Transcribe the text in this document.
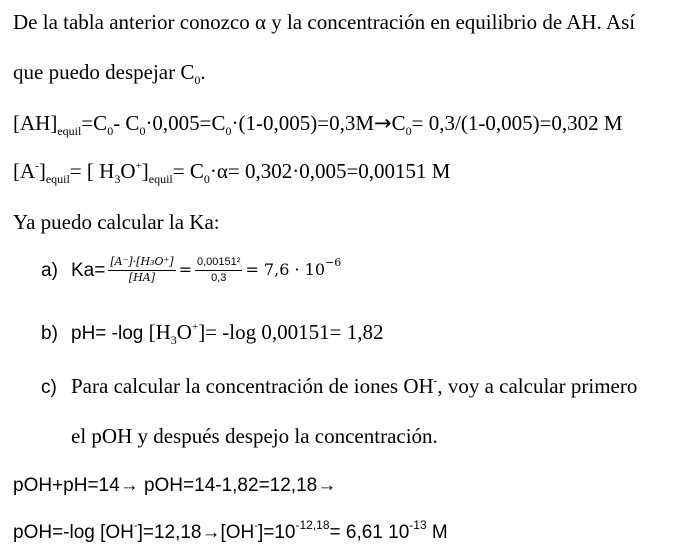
De la tabla anterior conozco α y la concentración en equilibrio de AH. Así
que puedo despejar $C_0$.
$[AH]_{equil}=C_0-$ $C_0\cdot 0,005=C_0\cdot(1-0,005)=0,3M\to C_0= 0,3/(1-0,005)=0,302$ M
$[A^-]_{equil}=$ [ $H_3O^+]_{equil}= C_0\cdot\alpha= 0,302\cdot 0,005=0,00151$ M
Ya puedo calcular la Ka:
a) $Ka= \frac{\text{[A⁻]·[H₃O⁺]}}{[HA]} = \frac{\text{0,00151²}}{0,3} = 7,6 \cdot 10 -6$
b) pH= -log $[H_3O^+]= -\log$ 0,00151= 1,82
c) Para calcular la concentración de iones OH-, voy a calcular primero
el pOH y después despejo la concentración.
pOH+pH=14→ pOH=14-1,82=12,18→
pOH=-log $[OH^-]=12,18\to[OH^-]=10^{-12,18}= 6,61$ $10^{-13}$ M
